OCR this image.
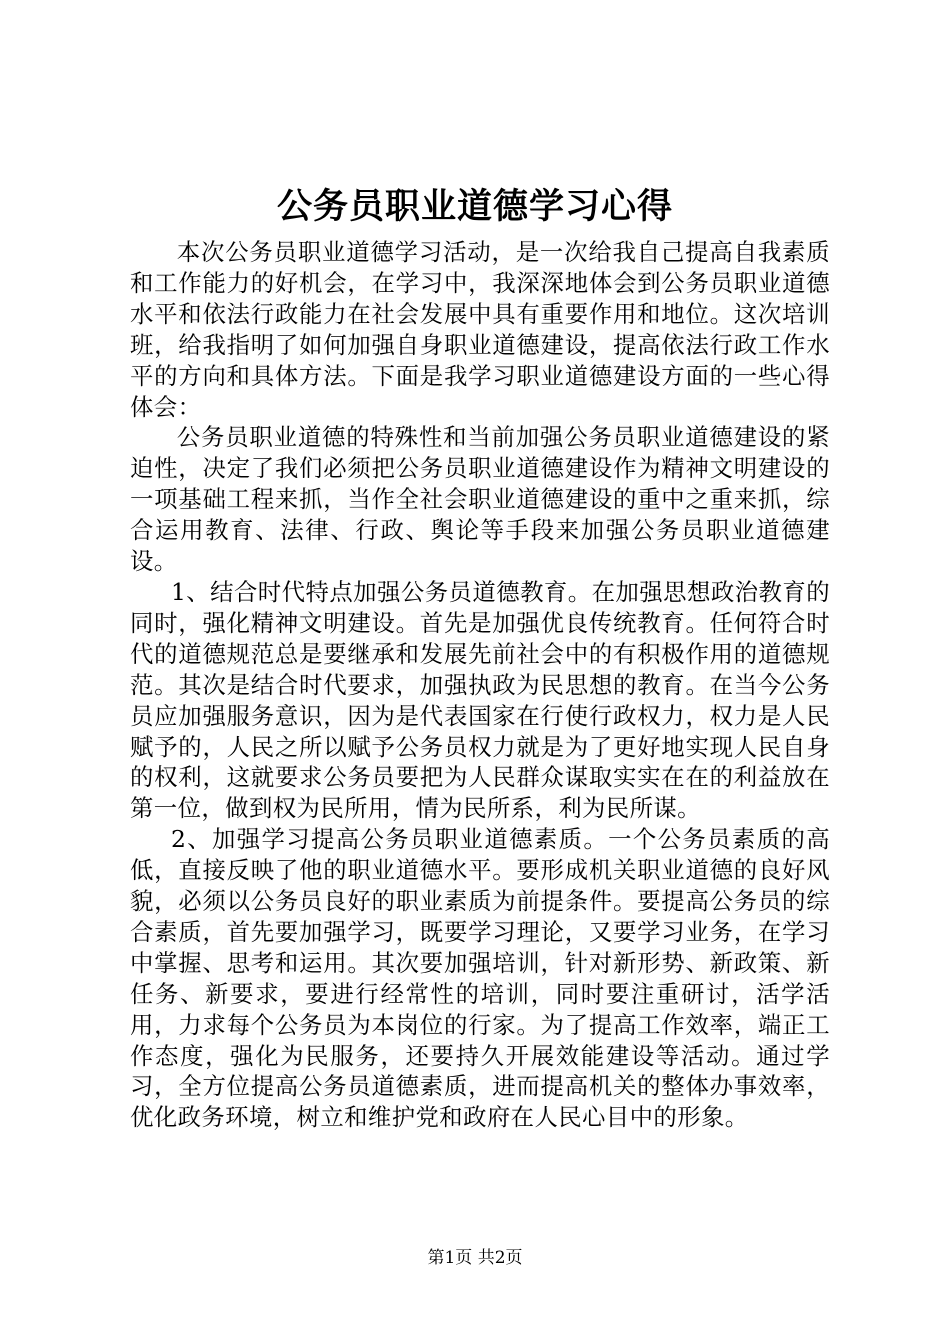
公务员职业道德学习心得

本次公务员职业道德学习活动，是一次给我自己提高自我素质和工作能力的好机会，在学习中，我深深地体会到公务员职业道德水平和依法行政能力在社会发展中具有重要作用和地位。这次培训班，给我指明了如何加强自身职业道德建设，提高依法行政工作水平的方向和具体方法。下面是我学习职业道德建设方面的一些心得体会：

公务员职业道德的特殊性和当前加强公务员职业道德建设的紧迫性，决定了我们必须把公务员职业道德建设作为精神文明建设的一项基础工程来抓，当作全社会职业道德建设的重中之重来抓，综合运用教育、法律、行政、舆论等手段来加强公务员职业道德建设。

1、结合时代特点加强公务员道德教育。在加强思想政治教育的同时，强化精神文明建设。首先是加强优良传统教育。任何符合时代的道德规范总是要继承和发展先前社会中的有积极作用的道德规范。其次是结合时代要求，加强执政为民思想的教育。在当今公务员应加强服务意识，因为是代表国家在行使行政权力，权力是人民赋予的，人民之所以赋予公务员权力就是为了更好地实现人民自身的权利，这就要求公务员要把为人民群众谋取实实在在的利益放在第一位，做到权为民所用，情为民所系，利为民所谋。

2、加强学习提高公务员职业道德素质。一个公务员素质的高低，直接反映了他的职业道德水平。要形成机关职业道德的良好风貌，必须以公务员良好的职业素质为前提条件。要提高公务员的综合素质，首先要加强学习，既要学习理论，又要学习业务，在学习中掌握、思考和运用。其次要加强培训，针对新形势、新政策、新任务、新要求，要进行经常性的培训，同时要注重研讨，活学活用，力求每个公务员为本岗位的行家。为了提高工作效率，端正工作态度，强化为民服务，还要持久开展效能建设等活动。通过学习，全方位提高公务员道德素质，进而提高机关的整体办事效率，优化政务环境，树立和维护党和政府在人民心目中的形象。

第1页 共2页
